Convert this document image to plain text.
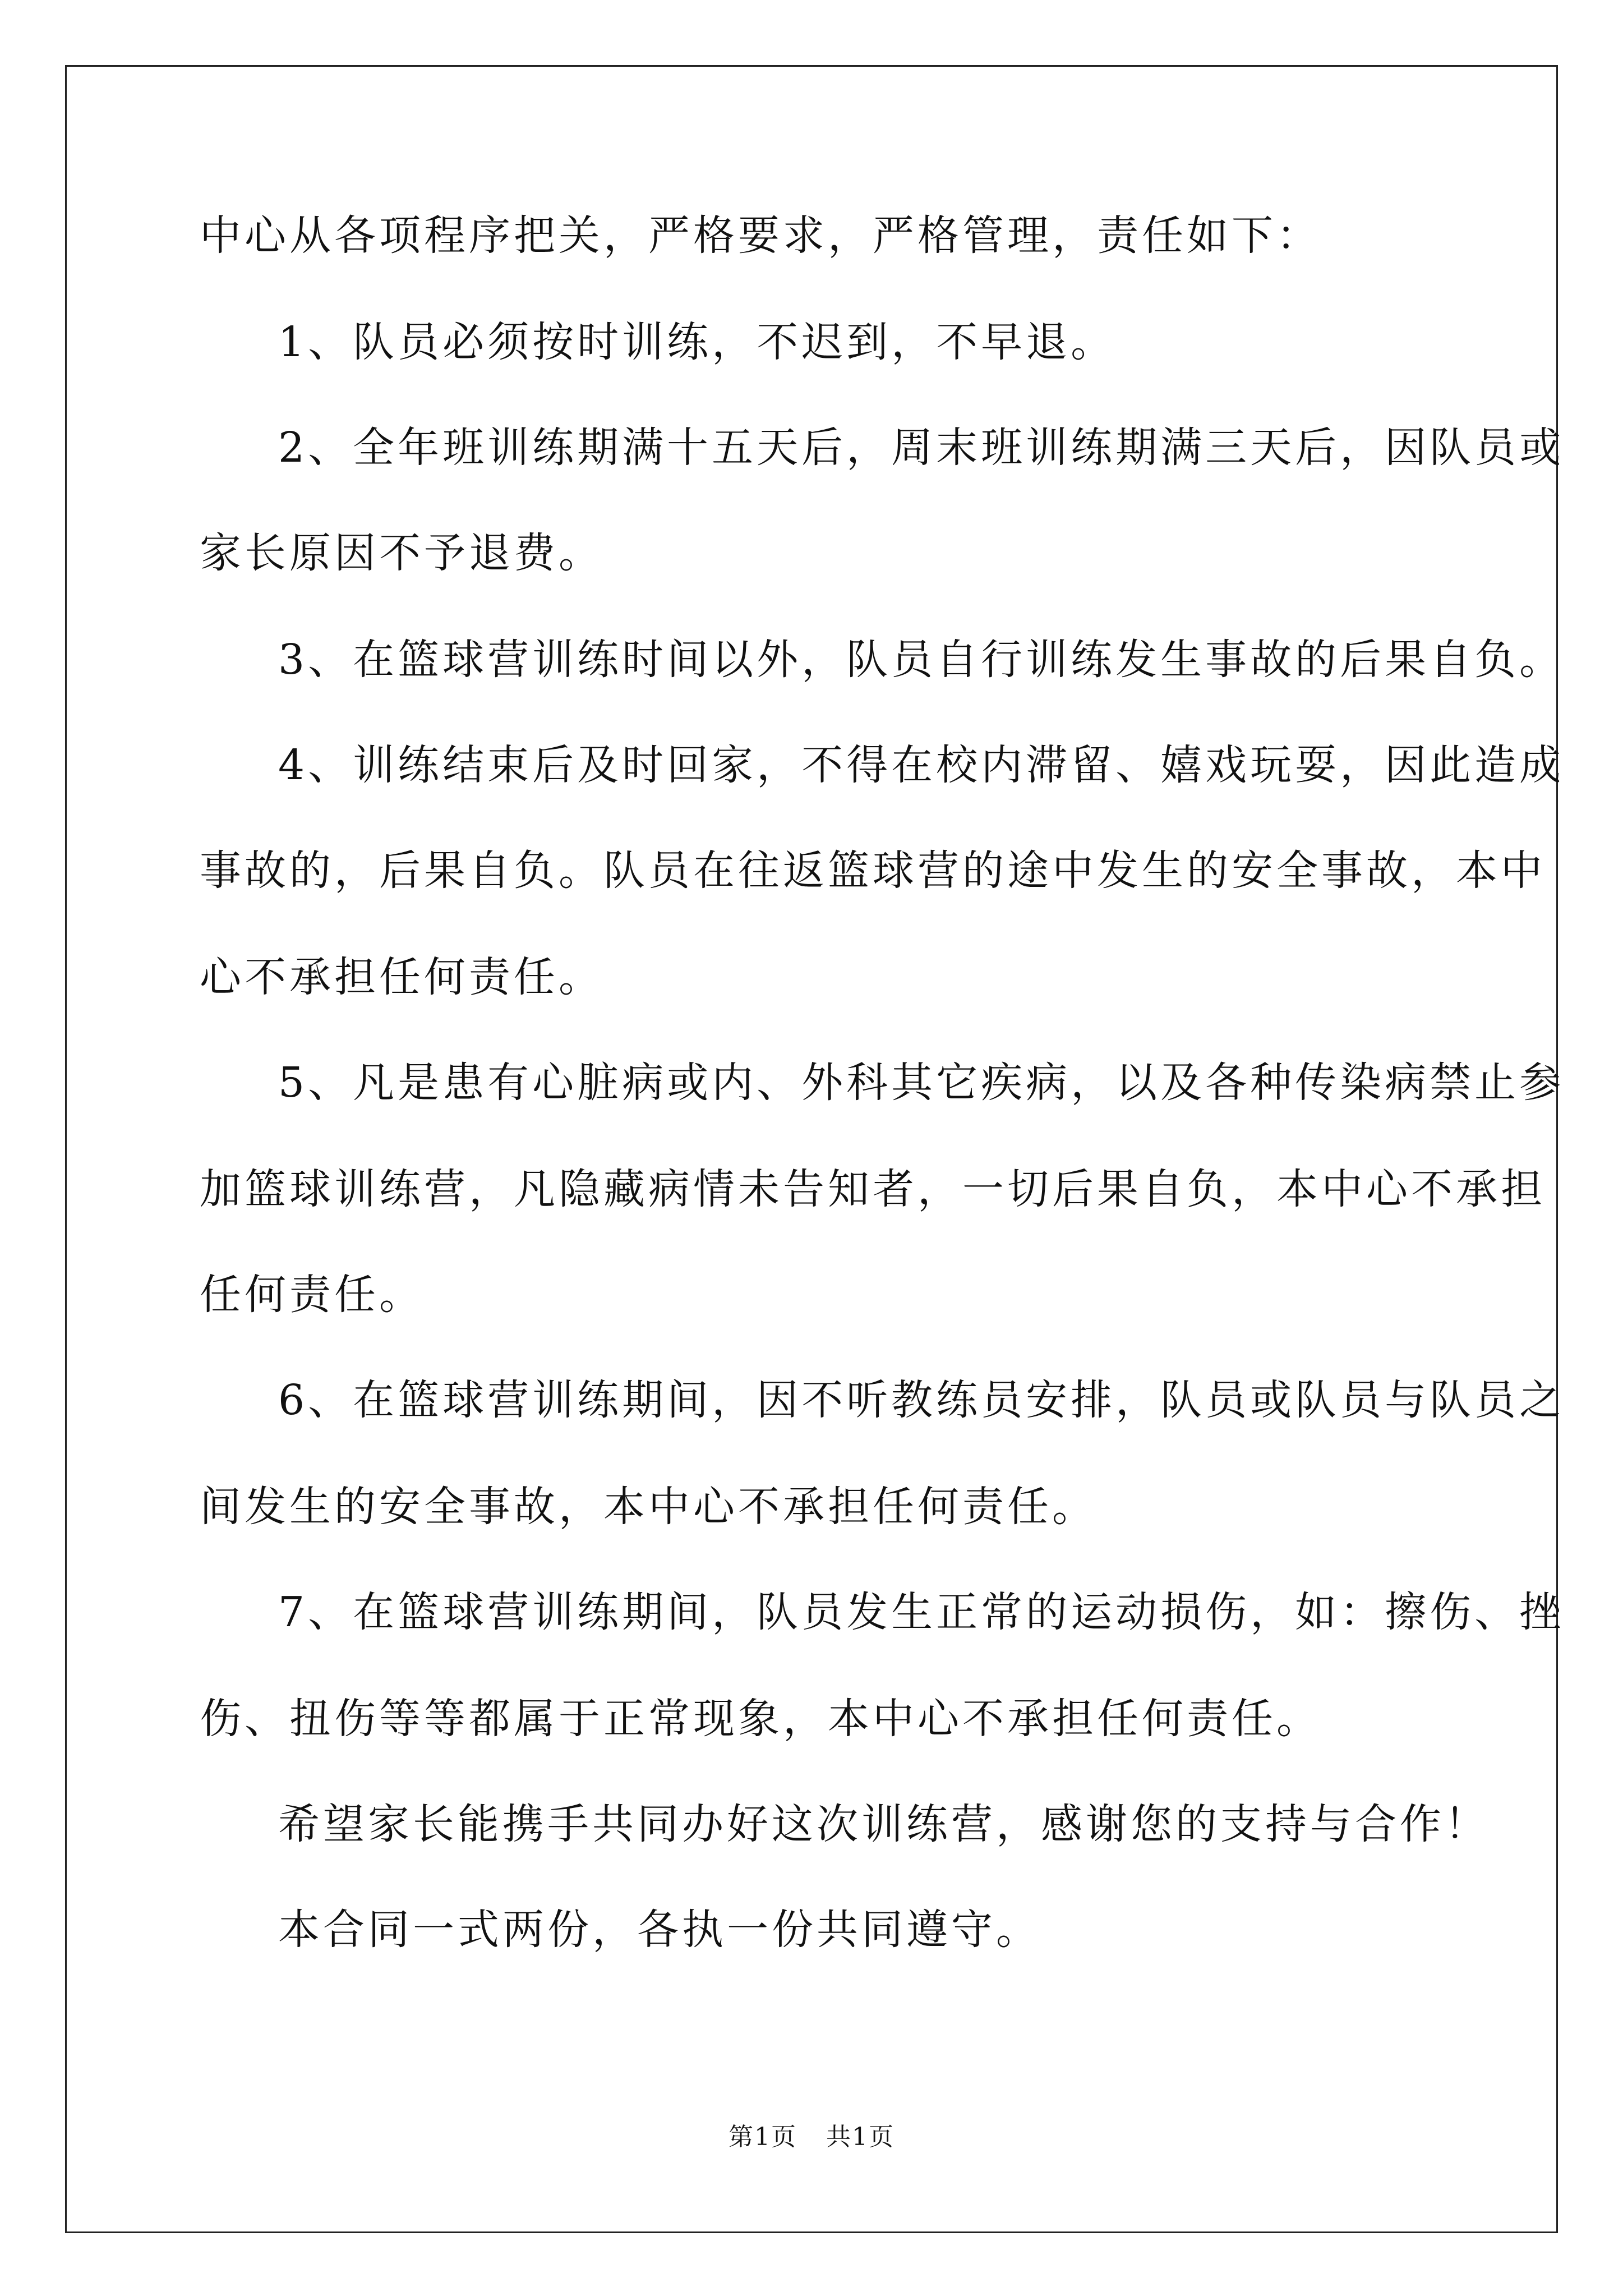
中心从各项程序把关，严格要求，严格管理，责任如下：
1、队员必须按时训练，不迟到，不早退。
2、全年班训练期满十五天后，周末班训练期满三天后，因队员或
家长原因不予退费。
3、在篮球营训练时间以外，队员自行训练发生事故的后果自负。
4、训练结束后及时回家，不得在校内滞留、嬉戏玩耍，因此造成
事故的，后果自负。队员在往返篮球营的途中发生的安全事故，本中
心不承担任何责任。
5、凡是患有心脏病或内、外科其它疾病，以及各种传染病禁止参
加篮球训练营，凡隐藏病情未告知者，一切后果自负，本中心不承担
任何责任。
6、在篮球营训练期间，因不听教练员安排，队员或队员与队员之
间发生的安全事故，本中心不承担任何责任。
7、在篮球营训练期间，队员发生正常的运动损伤，如：擦伤、挫
伤、扭伤等等都属于正常现象，本中心不承担任何责任。
希望家长能携手共同办好这次训练营，感谢您的支持与合作！
本合同一式两份，各执一份共同遵守。
第1页 共1页
